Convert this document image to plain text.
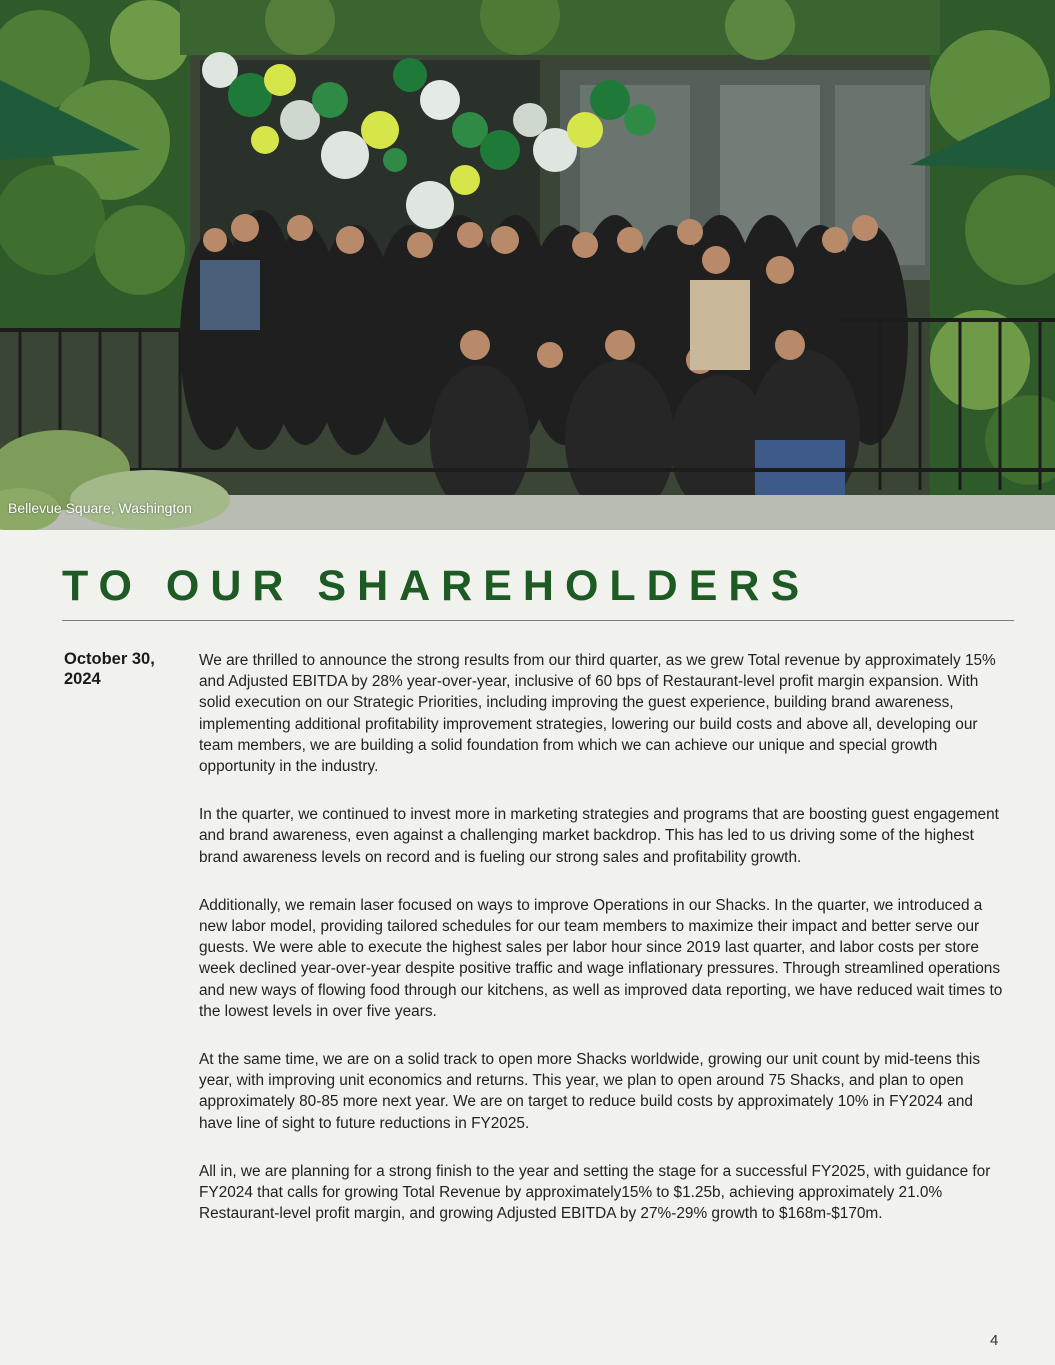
Bellevue Square, Washington
TO OUR SHAREHOLDERS
October 30, 2024

We are thrilled to announce the strong results from our third quarter, as we grew Total revenue by approximately 15% and Adjusted EBITDA by 28% year-over-year, inclusive of 60 bps of Restaurant-level profit margin expansion. With solid execution on our Strategic Priorities, including improving the guest experience, building brand awareness, implementing additional profitability improvement strategies, lowering our build costs and above all, developing our team members, we are building a solid foundation from which we can achieve our unique and special growth opportunity in the industry.

In the quarter, we continued to invest more in marketing strategies and programs that are boosting guest engagement and brand awareness, even against a challenging market backdrop. This has led to us driving some of the highest brand awareness levels on record and is fueling our strong sales and profitability growth.

Additionally, we remain laser focused on ways to improve Operations in our Shacks. In the quarter, we introduced a new labor model, providing tailored schedules for our team members to maximize their impact and better serve our guests. We were able to execute the highest sales per labor hour since 2019 last quarter, and labor costs per store week declined year-over-year despite positive traffic and wage inflationary pressures. Through streamlined operations and new ways of flowing food through our kitchens, as well as improved data reporting, we have reduced wait times to the lowest levels in over five years.

At the same time, we are on a solid track to open more Shacks worldwide, growing our unit count by mid-teens this year, with improving unit economics and returns. This year, we plan to open around 75 Shacks, and plan to open approximately 80-85 more next year. We are on target to reduce build costs by approximately 10% in FY2024 and have line of sight to future reductions in FY2025.

All in, we are planning for a strong finish to the year and setting the stage for a successful FY2025, with guidance for FY2024 that calls for growing Total Revenue by approximately15% to $1.25b, achieving approximately 21.0% Restaurant-level profit margin, and growing Adjusted EBITDA by 27%-29% growth to $168m-$170m.

4
